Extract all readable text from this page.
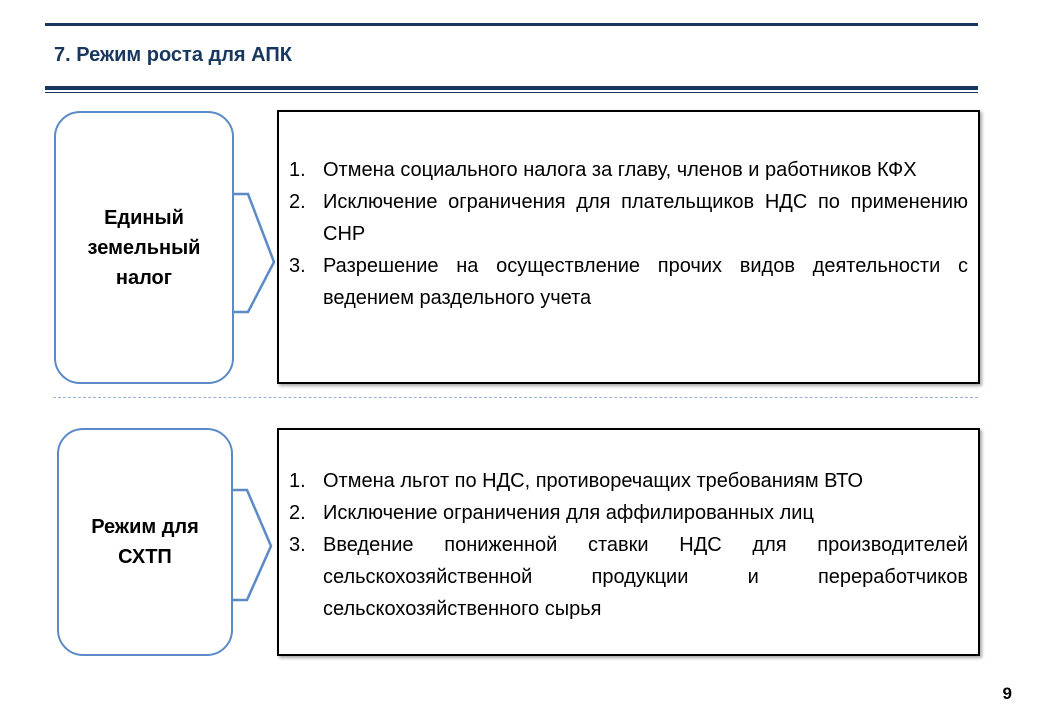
7. Режим роста для АПК
Единый
земельный
налог
1. Отмена социального налога за главу, членов и работников КФХ
2. Исключение ограничения для плательщиков НДС по применению СНР
3. Разрешение на осуществление прочих видов деятельности с ведением раздельного учета
Режим для
СХТП
1. Отмена льгот по НДС, противоречащих требованиям ВТО
2. Исключение ограничения для аффилированных лиц
3. Введение пониженной ставки НДС для производителей сельскохозяйственной продукции и переработчиков сельскохозяйственного сырья
9
